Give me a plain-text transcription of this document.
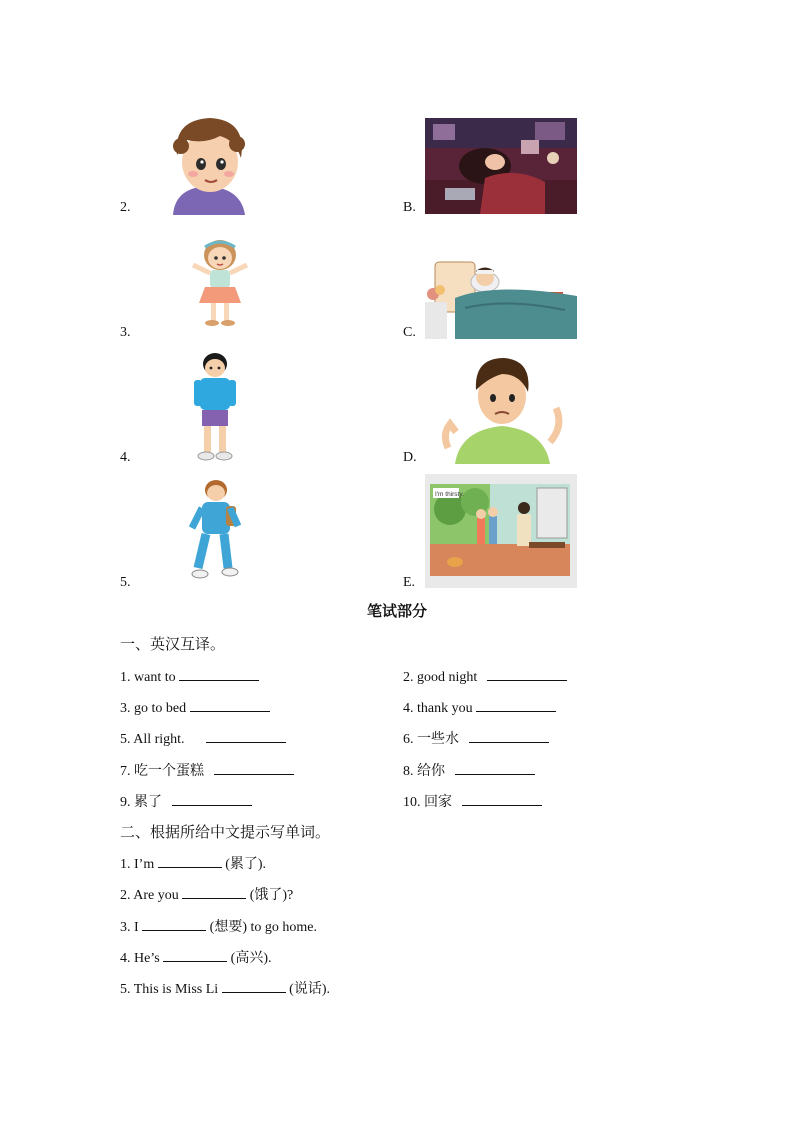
2.
3.
4.
5.
B.
C.
D.
E.
I'm thirsty.
笔试部分
一、英汉互译。
1. want to	2. good night
3. go to bed	4. thank you
5. All right.	6. 一些水
7. 吃一个蛋糕	8. 给你
9. 累了	10. 回家
二、根据所给中文提示写单词。
1. I’m	(累了).
2. Are you	(饿了)?
3. I	(想要) to go home.
4. He’s	(高兴).
5. This is Miss Li	(说话).
